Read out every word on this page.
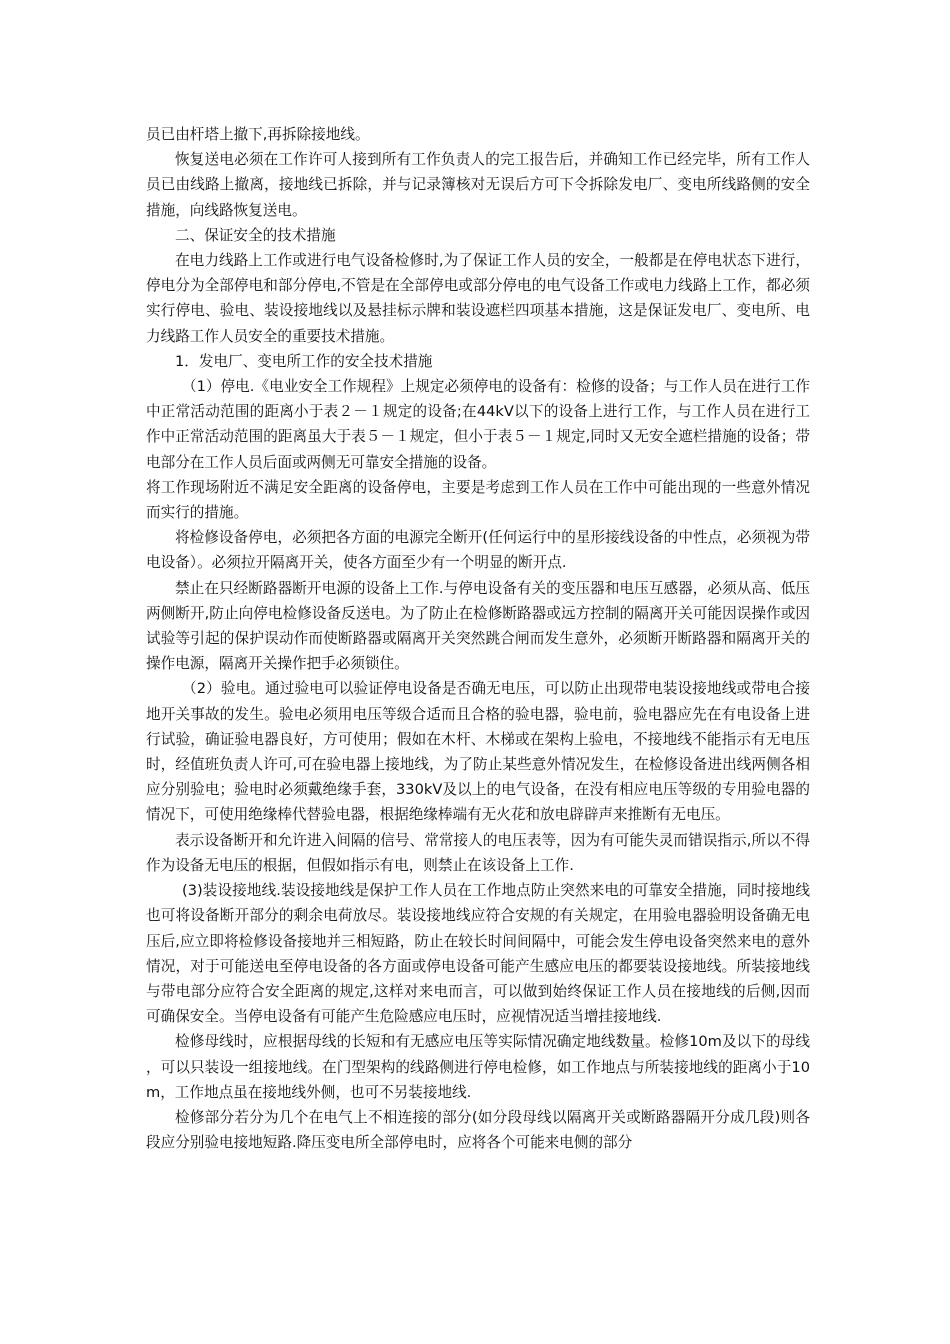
员已由杆塔上撤下,再拆除接地线。

恢复送电必须在工作许可人接到所有工作负责人的完工报告后，并确知工作已经完毕，所有工作人员已由线路上撤离，接地线已拆除，并与记录簿核对无误后方可下令拆除发电厂、变电所线路侧的安全措施，向线路恢复送电。

二、保证安全的技术措施

在电力线路上工作或进行电气设备检修时,为了保证工作人员的安全，一般都是在停电状态下进行，停电分为全部停电和部分停电,不管是在全部停电或部分停电的电气设备工作或电力线路上工作，都必须实行停电、验电、装设接地线以及悬挂标示牌和装设遮栏四项基本措施，这是保证发电厂、变电所、电力线路工作人员安全的重要技术措施。

1．发电厂、变电所工作的安全技术措施

（1）停电.《电业安全工作规程》上规定必须停电的设备有：检修的设备；与工作人员在进行工作中正常活动范围的距离小于表２－１规定的设备;在44kV以下的设备上进行工作，与工作人员在进行工作中正常活动范围的距离虽大于表５－１规定，但小于表５－１规定,同时又无安全遮栏措施的设备；带电部分在工作人员后面或两侧无可靠安全措施的设备。

将工作现场附近不满足安全距离的设备停电，主要是考虑到工作人员在工作中可能出现的一些意外情况而实行的措施。

将检修设备停电，必须把各方面的电源完全断开(任何运行中的星形接线设备的中性点，必须视为带电设备）。必须拉开隔离开关，使各方面至少有一个明显的断开点.

禁止在只经断路器断开电源的设备上工作.与停电设备有关的变压器和电压互感器，必须从高、低压两侧断开,防止向停电检修设备反送电。为了防止在检修断路器或远方控制的隔离开关可能因误操作或因试验等引起的保护误动作而使断路器或隔离开关突然跳合闸而发生意外，必须断开断路器和隔离开关的操作电源，隔离开关操作把手必须锁住。

（2）验电。通过验电可以验证停电设备是否确无电压，可以防止出现带电装设接地线或带电合接地开关事故的发生。验电必须用电压等级合适而且合格的验电器，验电前，验电器应先在有电设备上进行试验，确证验电器良好，方可使用；假如在木杆、木梯或在架构上验电，不接地线不能指示有无电压时，经值班负责人许可,可在验电器上接地线，为了防止某些意外情况发生，在检修设备进出线两侧各相应分别验电；验电时必须戴绝缘手套，330kV及以上的电气设备，在没有相应电压等级的专用验电器的情况下，可使用绝缘棒代替验电器，根据绝缘棒端有无火花和放电辟辟声来推断有无电压。

表示设备断开和允许进入间隔的信号、常常接人的电压表等，因为有可能失灵而错误指示,所以不得作为设备无电压的根据，但假如指示有电，则禁止在该设备上工作.

(3)装设接地线.装设接地线是保护工作人员在工作地点防止突然来电的可靠安全措施，同时接地线也可将设备断开部分的剩余电荷放尽。装设接地线应符合安规的有关规定，在用验电器验明设备确无电压后,应立即将检修设备接地并三相短路，防止在较长时间间隔中，可能会发生停电设备突然来电的意外情况，对于可能送电至停电设备的各方面或停电设备可能产生感应电压的都要装设接地线。所装接地线与带电部分应符合安全距离的规定,这样对来电而言，可以做到始终保证工作人员在接地线的后侧,因而可确保安全。当停电设备有可能产生危险感应电压时，应视情况适当增挂接地线.

检修母线时，应根据母线的长短和有无感应电压等实际情况确定地线数量。检修10m及以下的母线，可以只装设一组接地线。在门型架构的线路侧进行停电检修，如工作地点与所装接地线的距离小于10m，工作地点虽在接地线外侧，也可不另装接地线.

检修部分若分为几个在电气上不相连接的部分(如分段母线以隔离开关或断路器隔开分成几段)则各段应分别验电接地短路.降压变电所全部停电时，应将各个可能来电侧的部分
